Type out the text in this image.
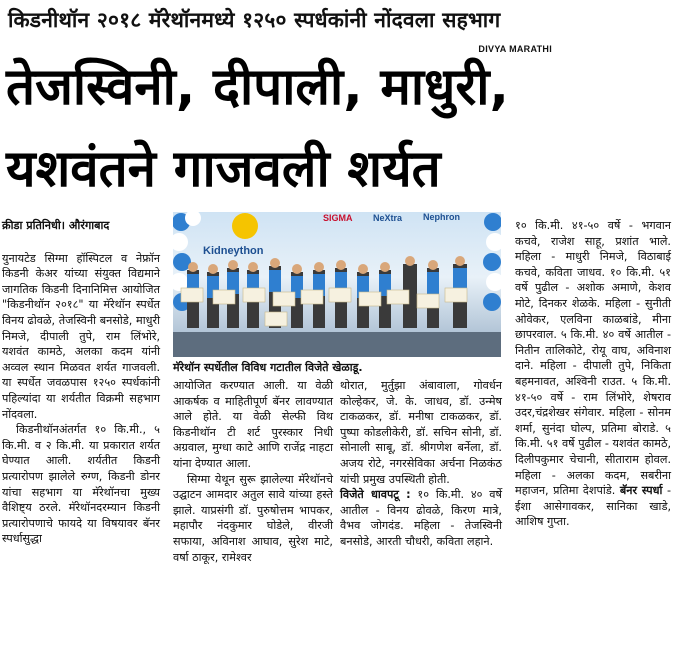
किडनीथॉन २०१८ मॅरेथॉनमध्ये १२५० स्पर्धकांनी नोंदवला सहभाग
DIVYA MARATHI
तेजस्विनी, दीपाली, माधुरी,
यशवंतने गाजवली शर्यत
क्रीडा प्रतिनिधी। औरंगाबाद

युनायटेड सिग्मा हॉस्पिटल व नेफ्रॉन किडनी केअर यांच्या संयुक्त विद्यमाने जागतिक किडनी दिनानिमित्त आयोजित "किडनीथॉन २०१८" या मॅरेथॉन स्पर्धेत विनय ढोवळे, तेजस्विनी बनसोडे, माधुरी निमजे, दीपाली तुपे, राम लिंभोरे, यशवंत कामठे, अलका कदम यांनी अव्वल स्थान मिळवत शर्यत गाजवली. या स्पर्धेत जवळपास १२५० स्पर्धकांनी पहिल्यांदा या शर्यतीत विक्रमी सहभाग नोंदवला.

किडनीथॉनअंतर्गत १० कि.मी., ५ कि.मी. व २ कि.मी. या प्रकारात शर्यत घेण्यात आली. शर्यतीत किडनी प्रत्यारोपण झालेले रुग्ण, किडनी डोनर यांचा सहभाग या मॅरेथॉनचा मुख्य वैशिष्ट्य ठरले. मॅरेथॉनदरम्यान किडनी प्रत्यारोपणाचे फायदे या विषयावर बॅनर स्पर्धासुद्धा

SIGMA NeXtra Nephron
Kidneython
मॅरेथॉन स्पर्धेतील विविध गटातील विजेते खेळाडू.

आयोजित करण्यात आली. या वेळी आकर्षक व माहितीपूर्ण बॅनर लावण्यात आले होते. या वेळी सेल्फी विथ किडनीथॉन टी शर्ट पुरस्कार निधी अग्रवाल, मुग्धा काटे आणि राजेंद्र नाहटा यांना देण्यात आला.

सिग्मा येथून सुरू झालेल्या मॅरेथॉनचे उद्घाटन आमदार अतुल सावे यांच्या हस्ते झाले. याप्रसंगी डॉ. पुरुषोत्तम भापकर, महापौर नंदकुमार घोडेले, वीरजी सफाया, अविनाश आघाव, सुरेश माटे, वर्षा ठाकूर, रामेश्वर

थोरात, मुर्तुझा अंबावाला, गोवर्धन कोल्हेकर, जे. के. जाधव, डॉ. उन्मेष टाकळकर, डॉ. मनीषा टाकळकर, डॉ. पुष्पा कोडलीकेरी, डॉ. सचिन सोनी, डॉ. सोनाली साबू, डॉ. श्रीगणेश बर्नेला, डॉ. अजय रोटे, नगरसेविका अर्चना निळकंठ यांची प्रमुख उपस्थिती होती.

विजेते धावपटू : १० कि.मी. ४० वर्षे आतील - विनय ढोवळे, किरण मात्रे, वैभव जोगदंड. महिला - तेजस्विनी बनसोडे, आरती चौधरी, कविता लहाने.

१० कि.मी. ४१-५० वर्षे - भगवान कचवे, राजेश साहू, प्रशांत भाले. महिला - माधुरी निमजे, विठाबाई कचवे, कविता जाधव. १० कि.मी. ५१ वर्षे पुढील - अशोक अमाणे, केशव मोटे, दिनकर शेळके. महिला - सुनीती ओवेकर, एलविना काळबांडे, मीना छापरवाल. ५ कि.मी. ४० वर्षे आतील - नितीन तालिकोटे, रोयू वाघ, अविनाश दाने. महिला - दीपाली तुपे, निकिता बहमनावत, अश्विनी राउत. ५ कि.मी. ४१-५० वर्षे - राम लिंभोरे, शेषराव उदर,चंद्रशेखर संगेवार. महिला - सोनम शर्मा, सुनंदा घोल्प, प्रतिमा बोराडे. ५ कि.मी. ५१ वर्षे पुढील - यशवंत कामठे, दिलीपकुमार चेचानी, सीताराम होवल. महिला - अलका कदम, सबरीना महाजन, प्रतिमा देशपांडे. बॅनर स्पर्धा - ईशा आसेगावकर, सानिका खाडे, आशिष गुप्ता.
